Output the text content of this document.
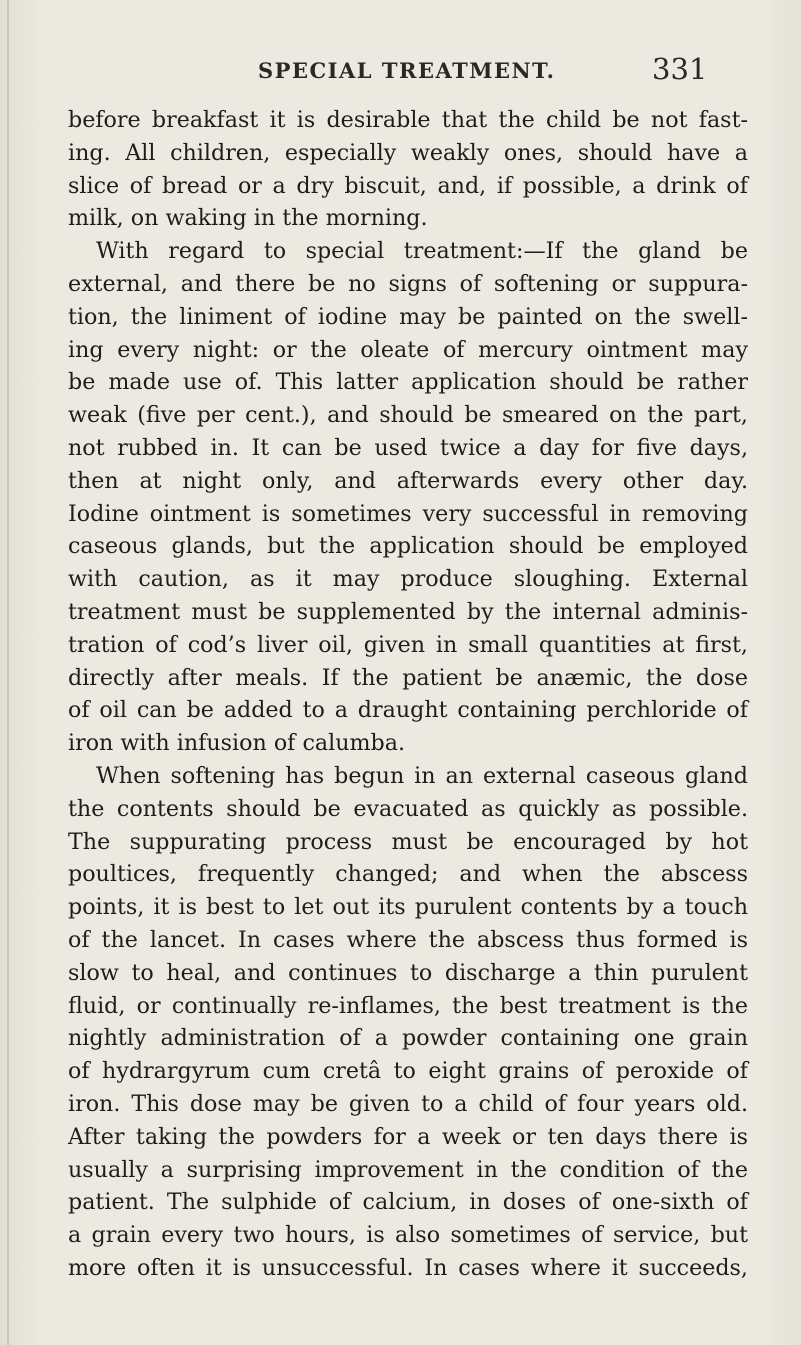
SPECIAL TREATMENT.	331
before breakfast it is desirable that the child be not fast-
ing. All children, especially weakly ones, should have a
slice of bread or a dry biscuit, and, if possible, a drink of
milk, on waking in the morning.
With regard to special treatment:—If the gland be
external, and there be no signs of softening or suppura-
tion, the liniment of iodine may be painted on the swell-
ing every night: or the oleate of mercury ointment may
be made use of. This latter application should be rather
weak (five per cent.), and should be smeared on the part,
not rubbed in. It can be used twice a day for five days,
then at night only, and afterwards every other day.
Iodine ointment is sometimes very successful in removing
caseous glands, but the application should be employed
with caution, as it may produce sloughing. External
treatment must be supplemented by the internal adminis-
tration of cod’s liver oil, given in small quantities at first,
directly after meals. If the patient be anæmic, the dose
of oil can be added to a draught containing perchloride of
iron with infusion of calumba.
When softening has begun in an external caseous gland
the contents should be evacuated as quickly as possible.
The suppurating process must be encouraged by hot
poultices, frequently changed; and when the abscess
points, it is best to let out its purulent contents by a touch
of the lancet. In cases where the abscess thus formed is
slow to heal, and continues to discharge a thin purulent
fluid, or continually re-inflames, the best treatment is the
nightly administration of a powder containing one grain
of hydrargyrum cum cretâ to eight grains of peroxide of
iron. This dose may be given to a child of four years old.
After taking the powders for a week or ten days there is
usually a surprising improvement in the condition of the
patient. The sulphide of calcium, in doses of one-sixth of
a grain every two hours, is also sometimes of service, but
more often it is unsuccessful. In cases where it succeeds,
